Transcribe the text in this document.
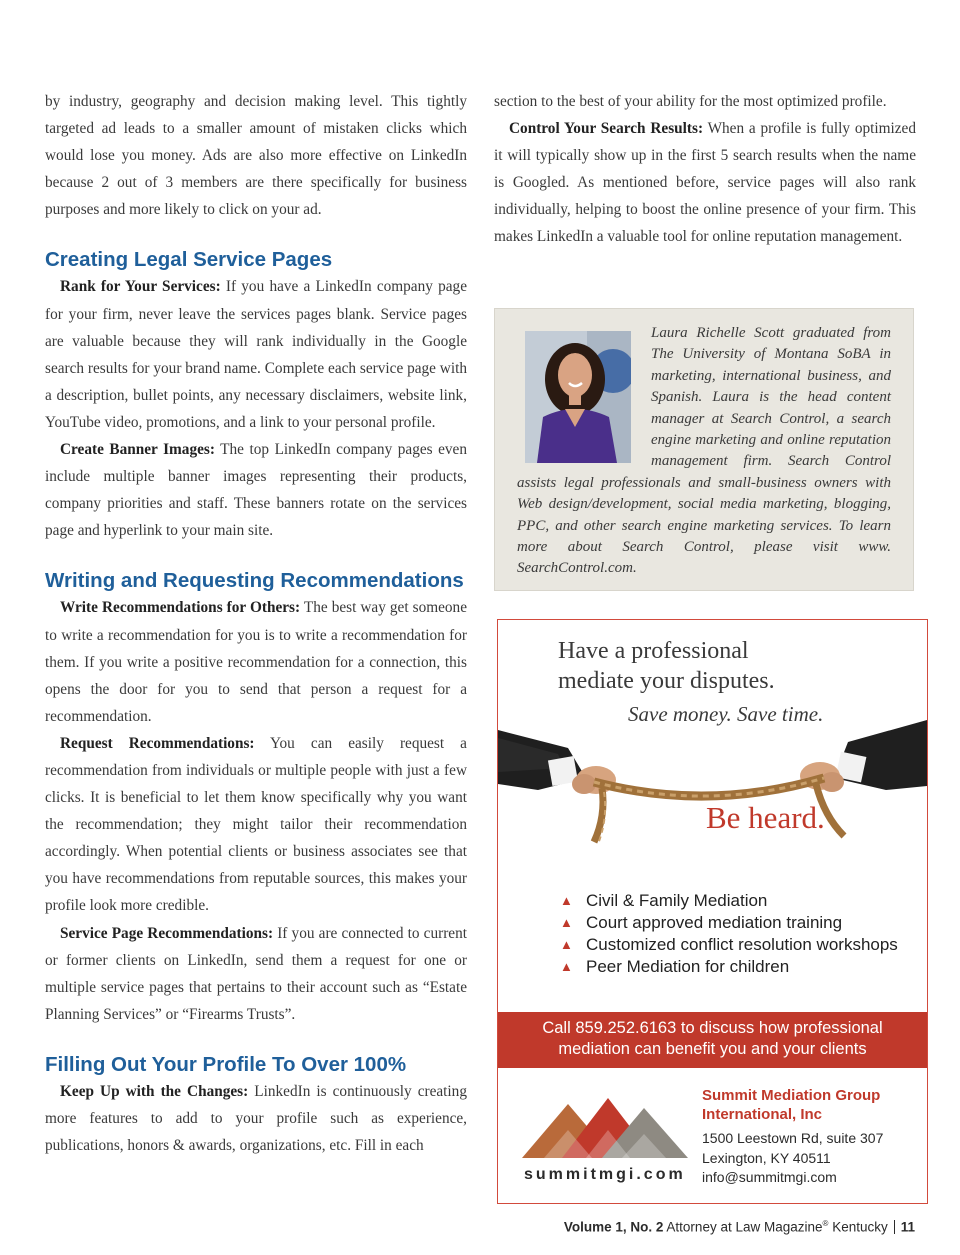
by industry, geography and decision making level. This tightly targeted ad leads to a smaller amount of mistaken clicks which would lose you money. Ads are also more effective on LinkedIn because 2 out of 3 members are there specifically for business purposes and more likely to click on your ad.

Creating Legal Service Pages

Rank for Your Services: If you have a LinkedIn company page for your firm, never leave the services pages blank. Service pages are valuable because they will rank individually in the Google search results for your brand name. Complete each service page with a description, bullet points, any necessary disclaimers, website link, YouTube video, promotions, and a link to your personal profile.

Create Banner Images: The top LinkedIn company pages even include multiple banner images representing their products, company priorities and staff. These banners rotate on the services page and hyperlink to your main site.

Writing and Requesting Recommendations

Write Recommendations for Others: The best way get someone to write a recommendation for you is to write a recommendation for them. If you write a positive recommendation for a connection, this opens the door for you to send that person a request for a recommendation.

Request Recommendations: You can easily request a recommendation from individuals or multiple people with just a few clicks. It is beneficial to let them know specifically why you want the recommendation; they might tailor their recommendation accordingly. When potential clients or business associates see that you have recommendations from reputable sources, this makes your profile look more credible.

Service Page Recommendations: If you are connected to current or former clients on LinkedIn, send them a request for one or multiple service pages that pertains to their account such as “Estate Planning Services” or “Firearms Trusts”.

Filling Out Your Profile To Over 100%

Keep Up with the Changes: LinkedIn is continuously creating more features to add to your profile such as experience, publications, honors & awards, organizations, etc. Fill in each

section to the best of your ability for the most optimized profile.

Control Your Search Results: When a profile is fully optimized it will typically show up in the first 5 search results when the name is Googled. As mentioned before, service pages will also rank individually, helping to boost the online presence of your firm. This makes LinkedIn a valuable tool for online reputation management.

Laura Richelle Scott graduated from The University of Montana SoBA in marketing, international business, and Spanish. Laura is the head content manager at Search Control, a search engine marketing and online reputation management firm. Search Control assists legal professionals and small-business owners with Web design/development, social media marketing, blogging, PPC, and other search engine marketing services. To learn more about Search Control, please visit www. SearchControl.com.
Have a professional
mediate your disputes.
Save money. Save time.
Be heard.
▲ Civil & Family Mediation
▲ Court approved mediation training
▲ Customized conflict resolution workshops
▲ Peer Mediation for children
Call 859.252.6163 to discuss how professional
mediation can benefit you and your clients
summitmgi.com
Summit Mediation Group
International, Inc
1500 Leestown Rd, suite 307
Lexington, KY 40511
info@summitmgi.com
Volume 1, No. 2 Attorney at Law Magazine® Kentucky 11
